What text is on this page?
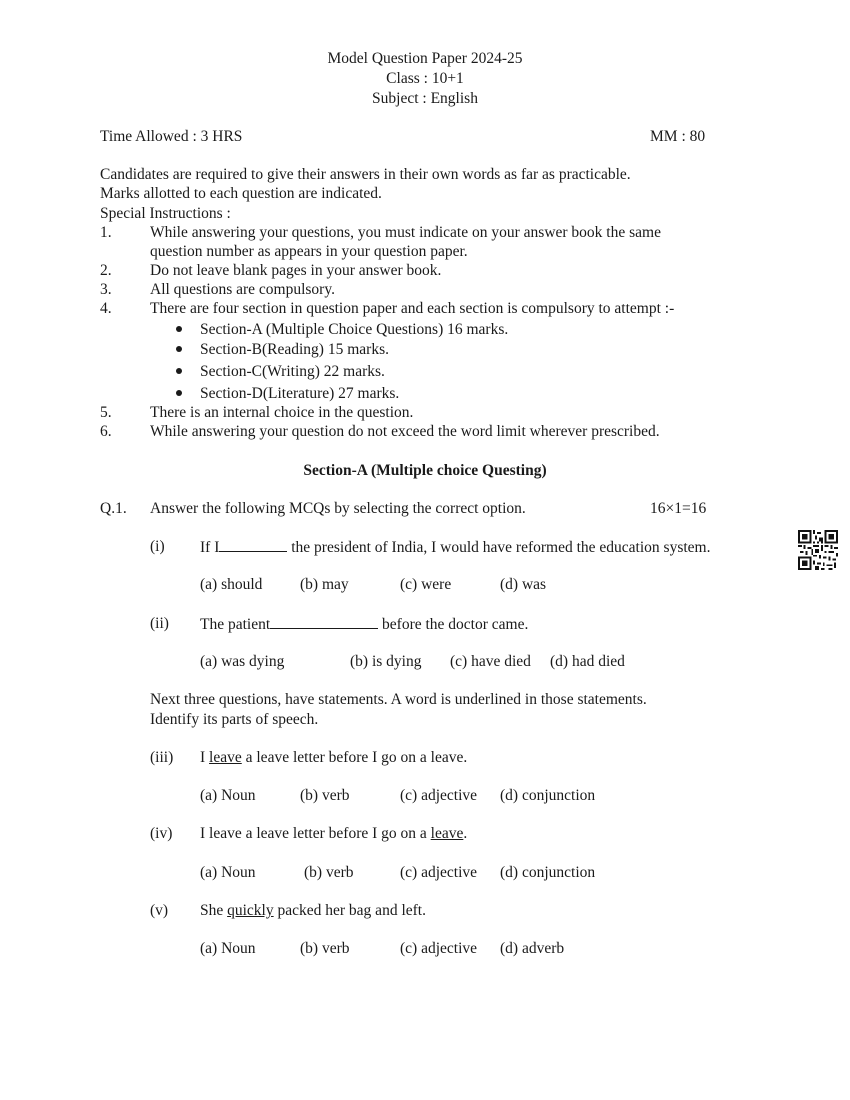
Model Question Paper 2024-25
Class : 10+1
Subject : English
Time Allowed : 3 HRS	MM : 80
Candidates are required to give their answers in their own words as far as practicable.
Marks allotted to each question are indicated.
Special Instructions :
1. While answering your questions, you must indicate on your answer book the same
question number as appears in your question paper.
2. Do not leave blank pages in your answer book.
3. All questions are compulsory.
4. There are four section in question paper and each section is compulsory to attempt :-
Section-A (Multiple Choice Questions) 16 marks.
Section-B(Reading) 15 marks.
Section-C(Writing) 22 marks.
Section-D(Literature) 27 marks.
5. There is an internal choice in the question.
6. While answering your question do not exceed the word limit wherever prescribed.
Section-A (Multiple choice Questing)
Q.1. Answer the following MCQs by selecting the correct option.	16×1=16
(i) If I	the president of India, I would have reformed the education system.
(a) should (b) may	(c) were	(d) was
(ii) The patient	before the doctor came.
(a) was dying	(b) is dying (c) have died (d) had died
Next three questions, have statements. A word is underlined in those statements.
Identify its parts of speech.
(iii) I leave a leave letter before I go on a leave.
(a) Noun	(b) verb	(c) adjective (d) conjunction
(iv) I leave a leave letter before I go on a leave.
(a) Noun	(b) verb	(c) adjective (d) conjunction
(v) She quickly packed her bag and left.
(a) Noun	(b) verb	(c) adjective (d) adverb
